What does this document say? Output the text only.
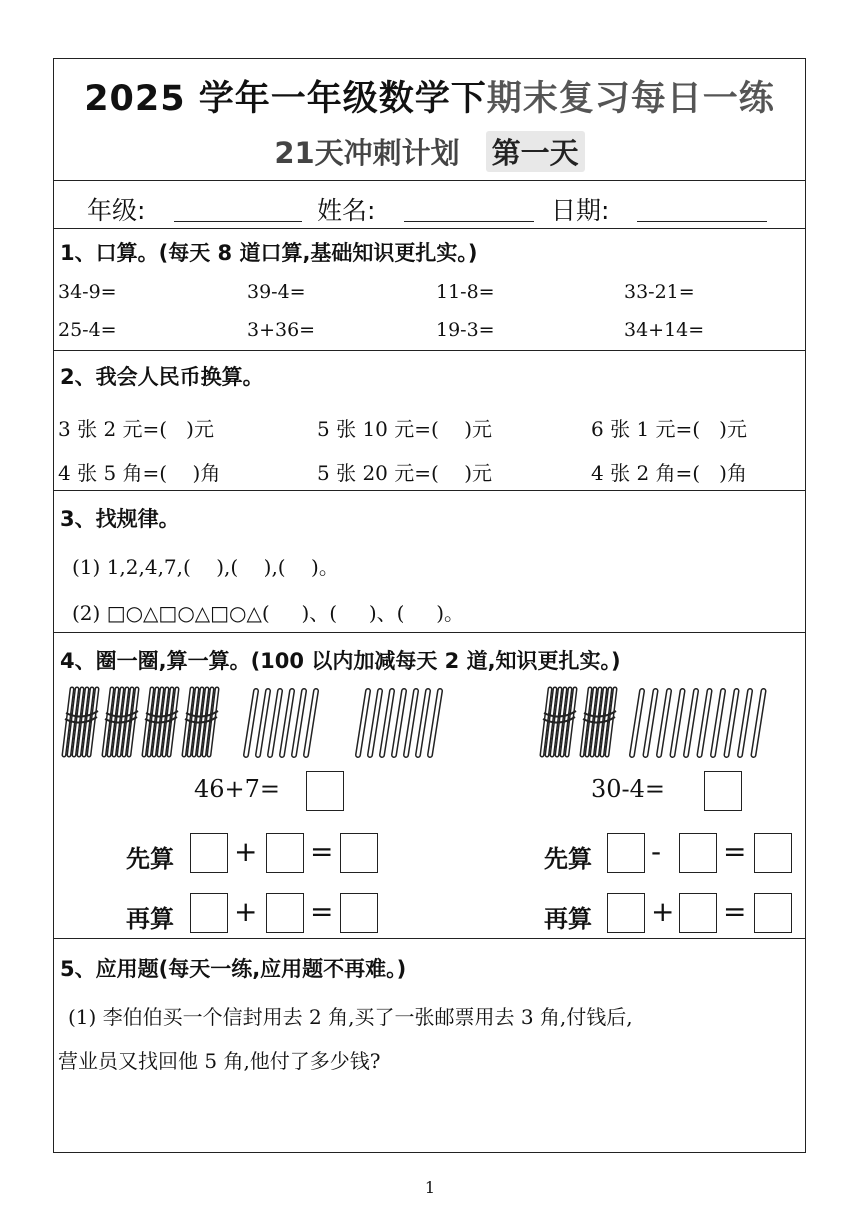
2025 学年一年级数学下期末复习每日一练
21天冲刺计划 第一天
年级:	姓名:	日期:
1、口算。(每天 8 道口算,基础知识更扎实。)
34-9=	39-4=	11-8=	33-21=
25-4=	3+36=	19-3=	34+14=
2、我会人民币换算。
3 张 2 元=(   )元	5 张 10 元=(    )元	6 张 1 元=(   )元
4 张 5 角=(    )角	5 张 20 元=(    )元	4 张 2 角=(   )角
3、找规律。
(1) 1,2,4,7,(    ),(    ),(    )。
(2) □○△□○△□○△(     )、(     )、(     )。
4、圈一圈,算一算。(100 以内加减每天 2 道,知识更扎实。)
46+7=
先算 + =
再算 + =
30-4=
先算 - =
再算 + =
5、应用题(每天一练,应用题不再难。)
(1) 李伯伯买一个信封用去 2 角,买了一张邮票用去 3 角,付钱后,
营业员又找回他 5 角,他付了多少钱?
1
